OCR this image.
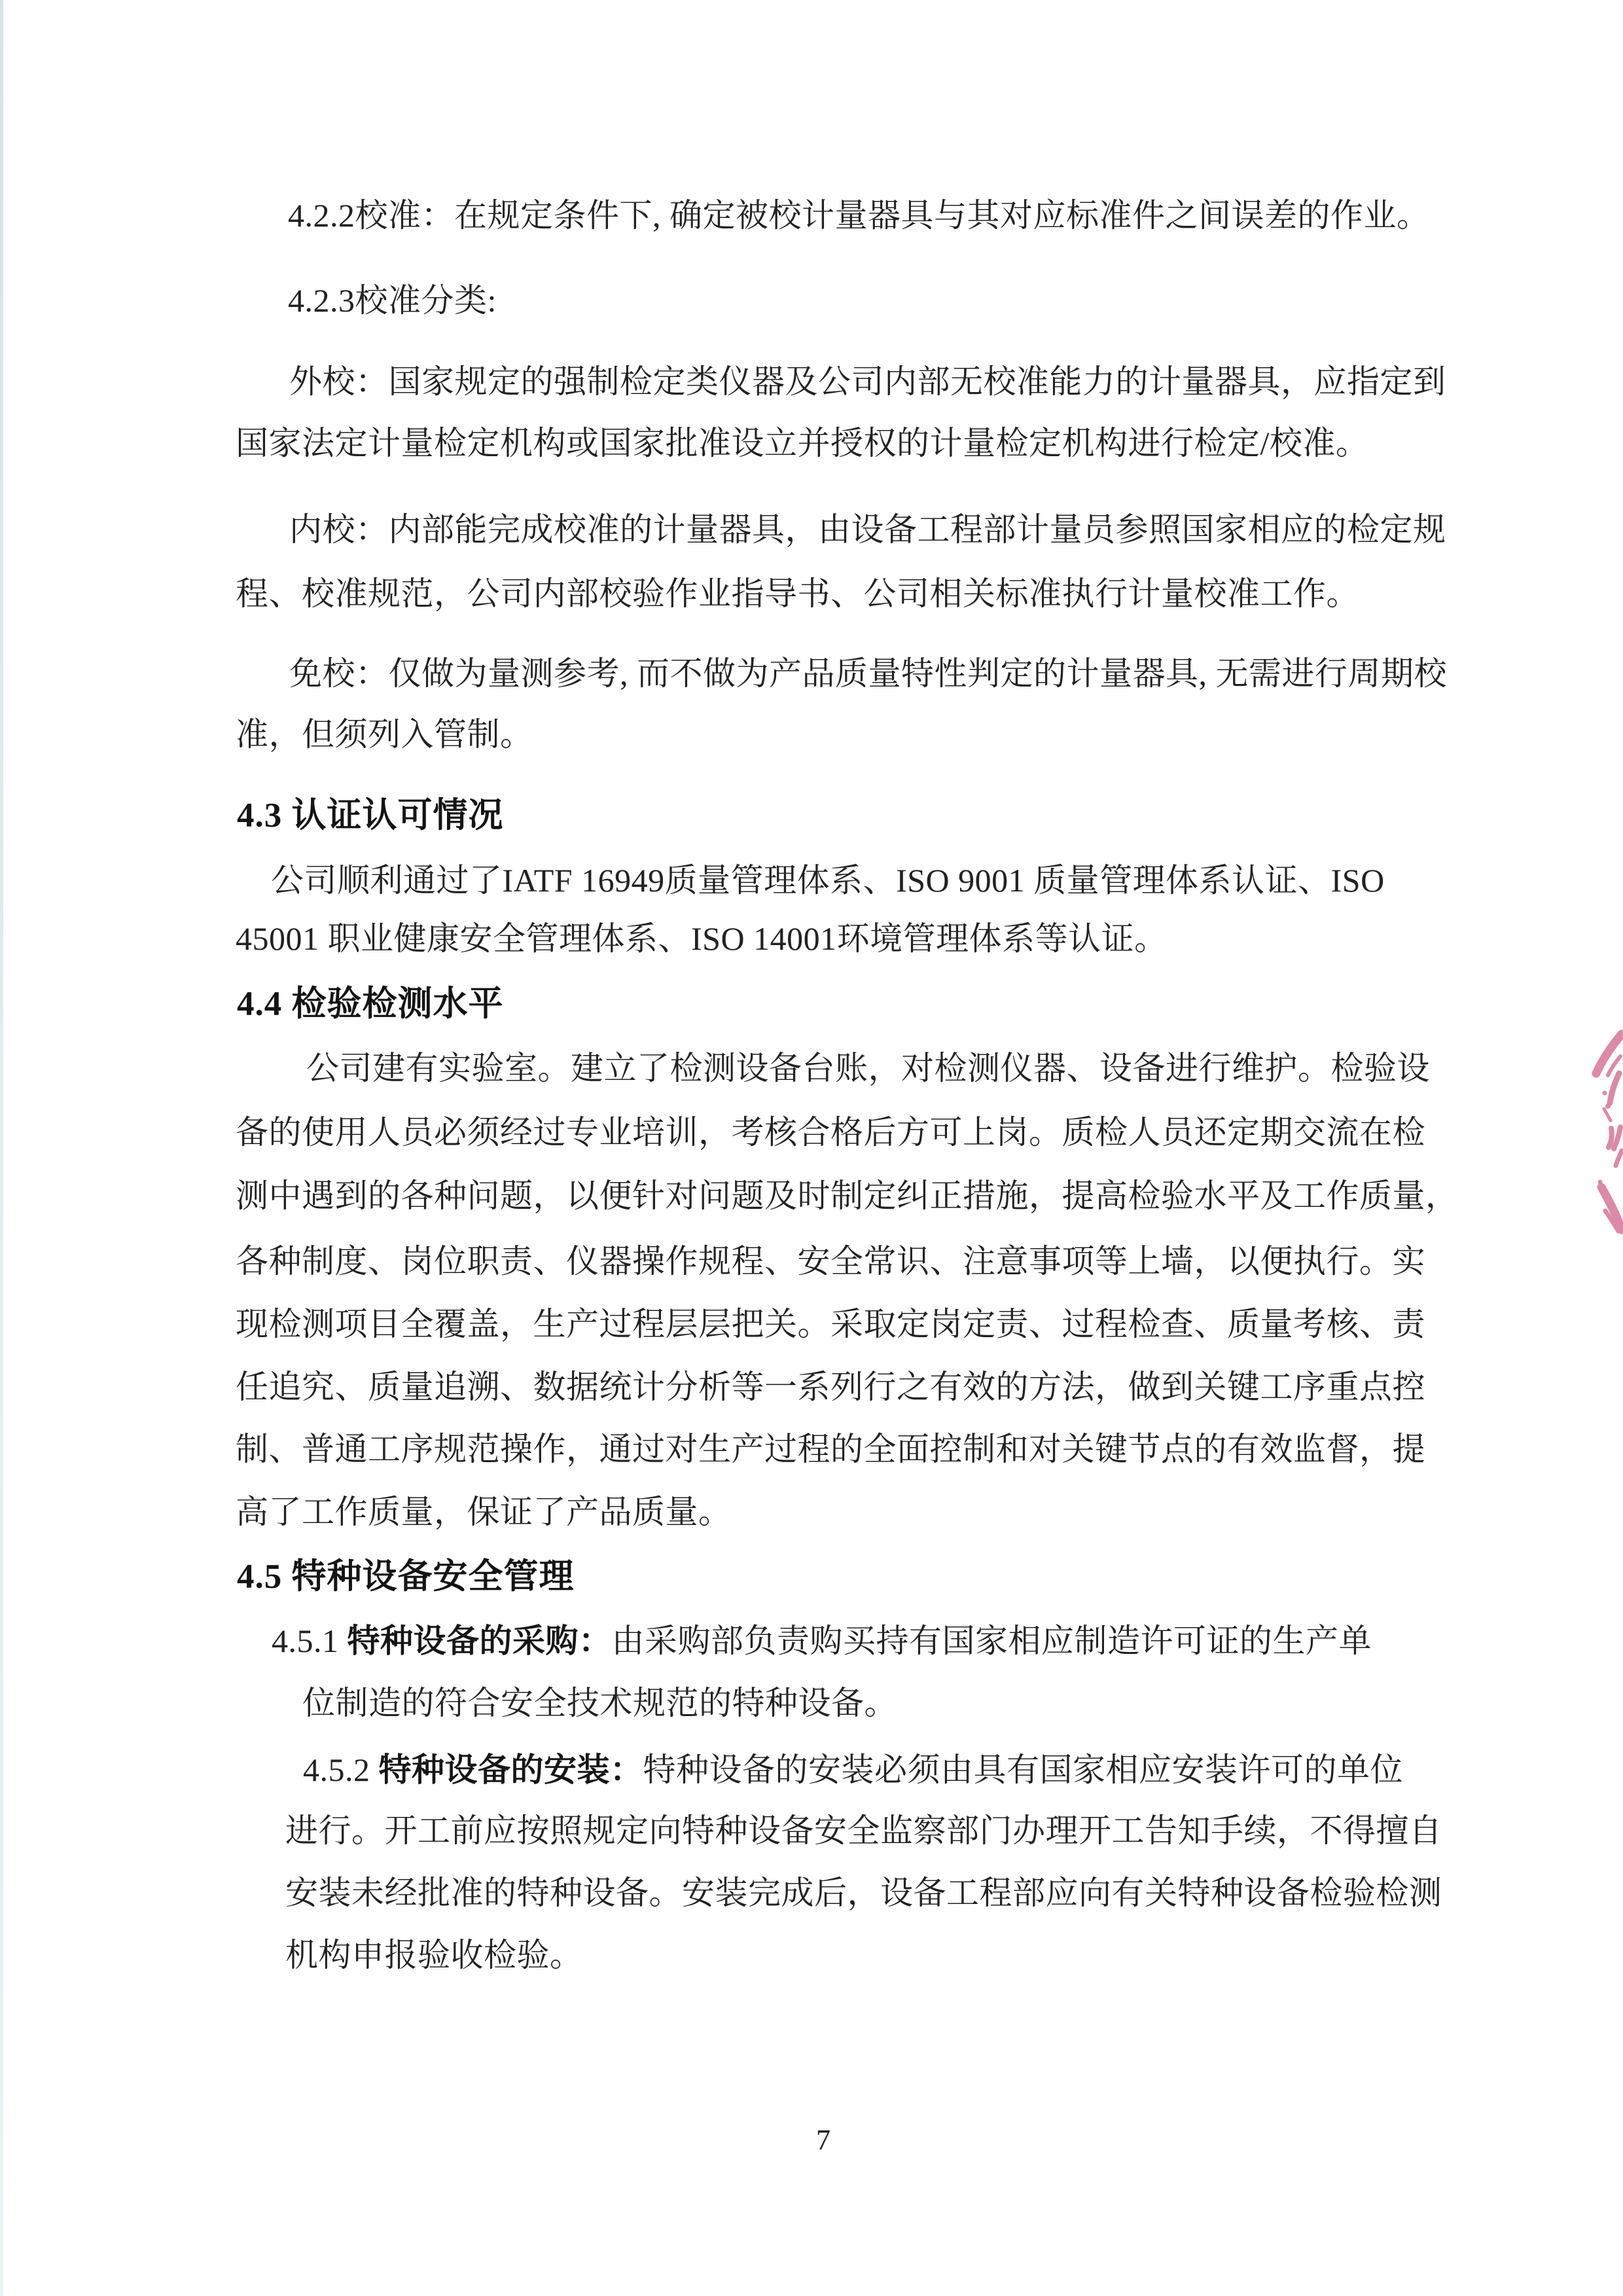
4.2.2校准：在规定条件下, 确定被校计量器具与其对应标准件之间误差的作业。
4.2.3校准分类:
外校：国家规定的强制检定类仪器及公司内部无校准能力的计量器具，应指定到
国家法定计量检定机构或国家批准设立并授权的计量检定机构进行检定/校准。
内校：内部能完成校准的计量器具，由设备工程部计量员参照国家相应的检定规
程、校准规范，公司内部校验作业指导书、公司相关标准执行计量校准工作。
免校：仅做为量测参考, 而不做为产品质量特性判定的计量器具, 无需进行周期校
准，但须列入管制。
4.3 认证认可情况
公司顺利通过了IATF 16949质量管理体系、ISO 9001 质量管理体系认证、ISO
45001 职业健康安全管理体系、ISO 14001环境管理体系等认证。
4.4 检验检测水平
公司建有实验室。建立了检测设备台账，对检测仪器、设备进行维护。检验设
备的使用人员必须经过专业培训，考核合格后方可上岗。质检人员还定期交流在检
测中遇到的各种问题，以便针对问题及时制定纠正措施，提高检验水平及工作质量，
各种制度、岗位职责、仪器操作规程、安全常识、注意事项等上墙，以便执行。实
现检测项目全覆盖，生产过程层层把关。采取定岗定责、过程检查、质量考核、责
任追究、质量追溯、数据统计分析等一系列行之有效的方法，做到关键工序重点控
制、普通工序规范操作，通过对生产过程的全面控制和对关键节点的有效监督，提
高了工作质量，保证了产品质量。
4.5 特种设备安全管理
4.5.1 特种设备的采购：由采购部负责购买持有国家相应制造许可证的生产单
位制造的符合安全技术规范的特种设备。
4.5.2 特种设备的安装：特种设备的安装必须由具有国家相应安装许可的单位
进行。开工前应按照规定向特种设备安全监察部门办理开工告知手续，不得擅自
安装未经批准的特种设备。安装完成后，设备工程部应向有关特种设备检验检测
机构申报验收检验。
7
